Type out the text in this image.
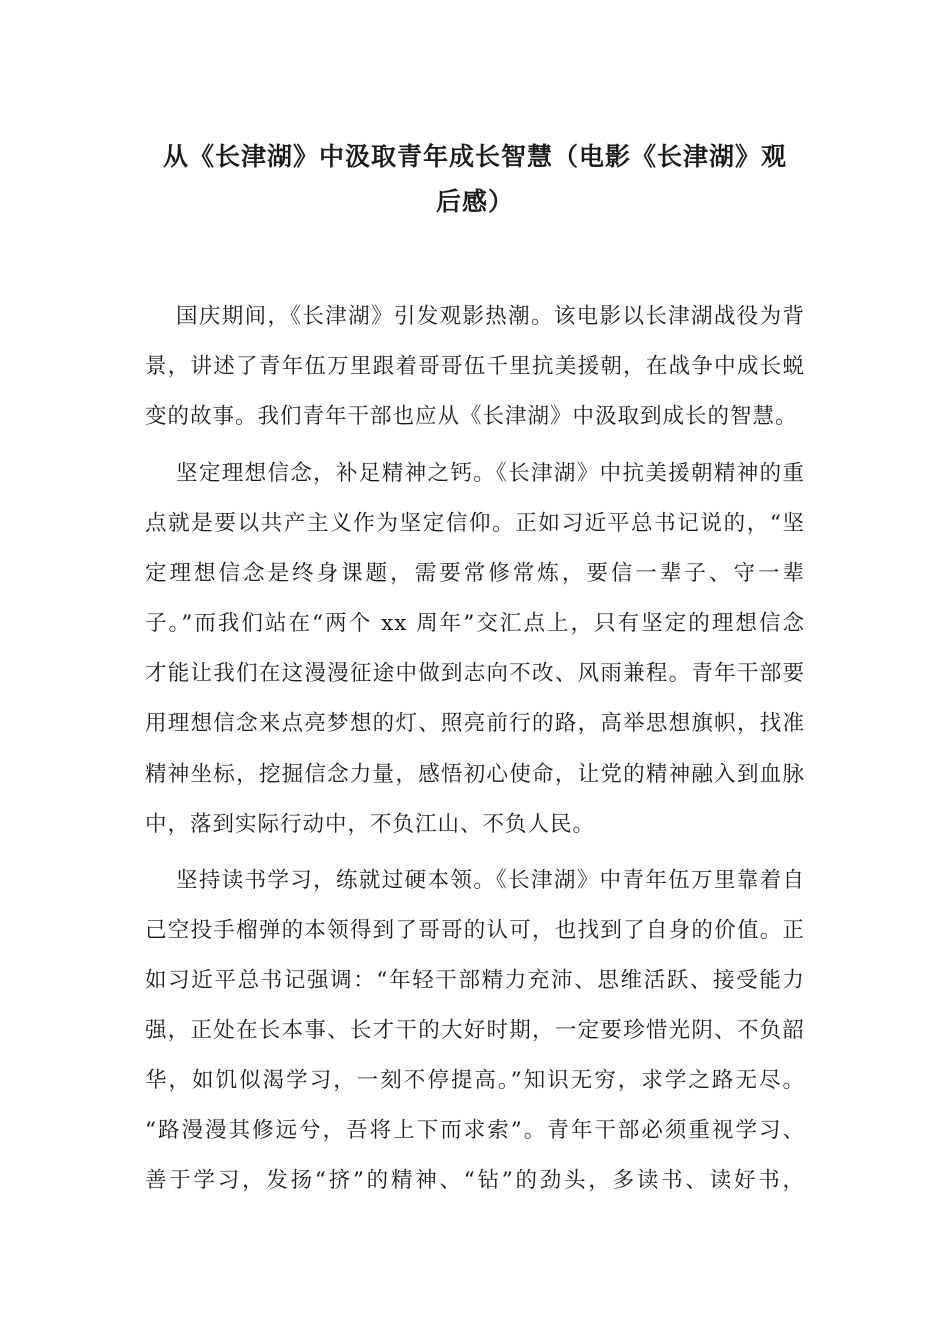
从《长津湖》中汲取青年成长智慧（电影《长津湖》观
后感）
国庆期间，《长津湖》引发观影热潮。该电影以长津湖战役为背
景，讲述了青年伍万里跟着哥哥伍千里抗美援朝，在战争中成长蜕
变的故事。我们青年干部也应从《长津湖》中汲取到成长的智慧。
坚定理想信念，补足精神之钙。《长津湖》中抗美援朝精神的重
点就是要以共产主义作为坚定信仰。正如习近平总书记说的，“坚
定理想信念是终身课题，需要常修常炼，要信一辈子、守一辈
子。”而我们站在“两个 xx 周年”交汇点上，只有坚定的理想信念
才能让我们在这漫漫征途中做到志向不改、风雨兼程。青年干部要
用理想信念来点亮梦想的灯、照亮前行的路，高举思想旗帜，找准
精神坐标，挖掘信念力量，感悟初心使命，让党的精神融入到血脉
中，落到实际行动中，不负江山、不负人民。
坚持读书学习，练就过硬本领。《长津湖》中青年伍万里靠着自
己空投手榴弹的本领得到了哥哥的认可，也找到了自身的价值。正
如习近平总书记强调：“年轻干部精力充沛、思维活跃、接受能力
强，正处在长本事、长才干的大好时期，一定要珍惜光阴、不负韶
华，如饥似渴学习，一刻不停提高。”知识无穷，求学之路无尽。
“路漫漫其修远兮，吾将上下而求索”。青年干部必须重视学习、
善于学习，发扬“挤”的精神、“钻”的劲头，多读书、读好书，
